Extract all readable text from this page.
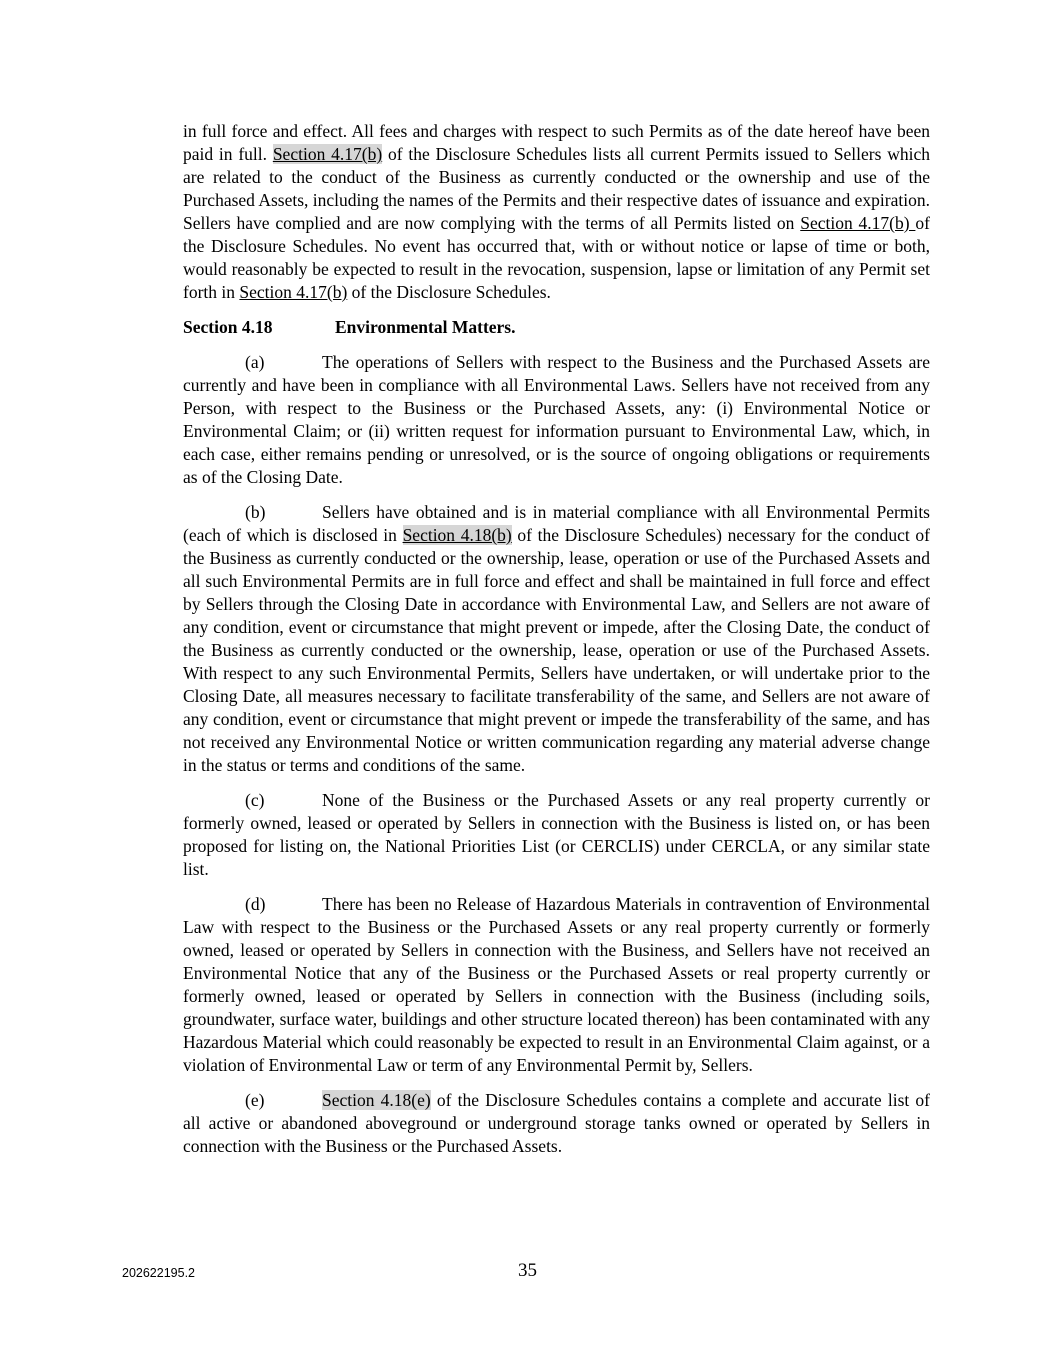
in full force and effect. All fees and charges with respect to such Permits as of the date hereof have been paid in full. Section 4.17(b) of the Disclosure Schedules lists all current Permits issued to Sellers which are related to the conduct of the Business as currently conducted or the ownership and use of the Purchased Assets, including the names of the Permits and their respective dates of issuance and expiration. Sellers have complied and are now complying with the terms of all Permits listed on Section 4.17(b) of the Disclosure Schedules. No event has occurred that, with or without notice or lapse of time or both, would reasonably be expected to result in the revocation, suspension, lapse or limitation of any Permit set forth in Section 4.17(b) of the Disclosure Schedules.

Section 4.18	Environmental Matters.

(a)	The operations of Sellers with respect to the Business and the Purchased Assets are currently and have been in compliance with all Environmental Laws. Sellers have not received from any Person, with respect to the Business or the Purchased Assets, any: (i) Environmental Notice or Environmental Claim; or (ii) written request for information pursuant to Environmental Law, which, in each case, either remains pending or unresolved, or is the source of ongoing obligations or requirements as of the Closing Date.

(b)	Sellers have obtained and is in material compliance with all Environmental Permits (each of which is disclosed in Section 4.18(b) of the Disclosure Schedules) necessary for the conduct of the Business as currently conducted or the ownership, lease, operation or use of the Purchased Assets and all such Environmental Permits are in full force and effect and shall be maintained in full force and effect by Sellers through the Closing Date in accordance with Environmental Law, and Sellers are not aware of any condition, event or circumstance that might prevent or impede, after the Closing Date, the conduct of the Business as currently conducted or the ownership, lease, operation or use of the Purchased Assets. With respect to any such Environmental Permits, Sellers have undertaken, or will undertake prior to the Closing Date, all measures necessary to facilitate transferability of the same, and Sellers are not aware of any condition, event or circumstance that might prevent or impede the transferability of the same, and has not received any Environmental Notice or written communication regarding any material adverse change in the status or terms and conditions of the same.

(c)	None of the Business or the Purchased Assets or any real property currently or formerly owned, leased or operated by Sellers in connection with the Business is listed on, or has been proposed for listing on, the National Priorities List (or CERCLIS) under CERCLA, or any similar state list.

(d)	There has been no Release of Hazardous Materials in contravention of Environmental Law with respect to the Business or the Purchased Assets or any real property currently or formerly owned, leased or operated by Sellers in connection with the Business, and Sellers have not received an Environmental Notice that any of the Business or the Purchased Assets or real property currently or formerly owned, leased or operated by Sellers in connection with the Business (including soils, groundwater, surface water, buildings and other structure located thereon) has been contaminated with any Hazardous Material which could reasonably be expected to result in an Environmental Claim against, or a violation of Environmental Law or term of any Environmental Permit by, Sellers.

(e)	Section 4.18(e) of the Disclosure Schedules contains a complete and accurate list of all active or abandoned aboveground or underground storage tanks owned or operated by Sellers in connection with the Business or the Purchased Assets.

202622195.2	35
